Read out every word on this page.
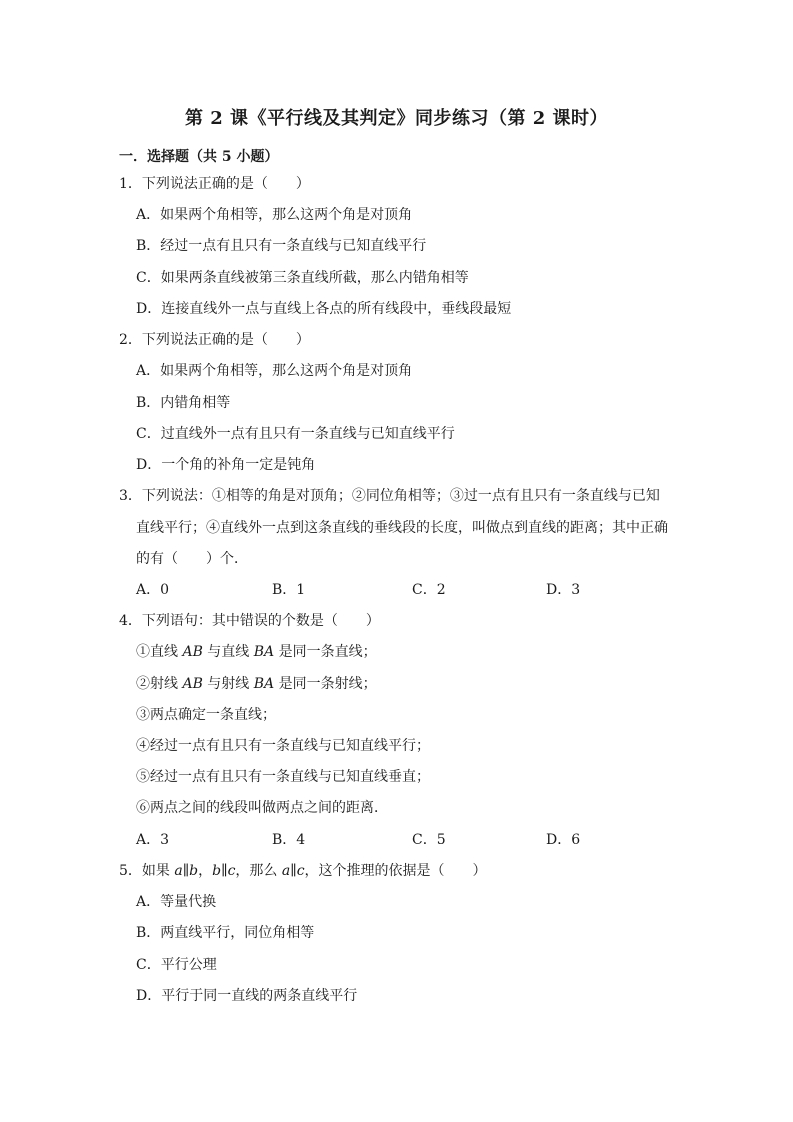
第 2 课《平行线及其判定》同步练习（第 2 课时）
一．选择题（共 5 小题）
1．下列说法正确的是（　　）
A．如果两个角相等，那么这两个角是对顶角
B．经过一点有且只有一条直线与已知直线平行
C．如果两条直线被第三条直线所截，那么内错角相等
D．连接直线外一点与直线上各点的所有线段中，垂线段最短
2．下列说法正确的是（　　）
A．如果两个角相等，那么这两个角是对顶角
B．内错角相等
C．过直线外一点有且只有一条直线与已知直线平行
D．一个角的补角一定是钝角
3．下列说法：①相等的角是对顶角；②同位角相等；③过一点有且只有一条直线与已知
直线平行；④直线外一点到这条直线的垂线段的长度，叫做点到直线的距离；其中正确
的有（　　）个．
A．0	B．1	C．2	D．3
4．下列语句：其中错误的个数是（　　）
①直线 AB 与直线 BA 是同一条直线；
②射线 AB 与射线 BA 是同一条射线；
③两点确定一条直线；
④经过一点有且只有一条直线与已知直线平行；
⑤经过一点有且只有一条直线与已知直线垂直；
⑥两点之间的线段叫做两点之间的距离．
A．3	B．4	C．5	D．6
5．如果 a∥b，b∥c，那么 a∥c，这个推理的依据是（　　）
A．等量代换
B．两直线平行，同位角相等
C．平行公理
D．平行于同一直线的两条直线平行
